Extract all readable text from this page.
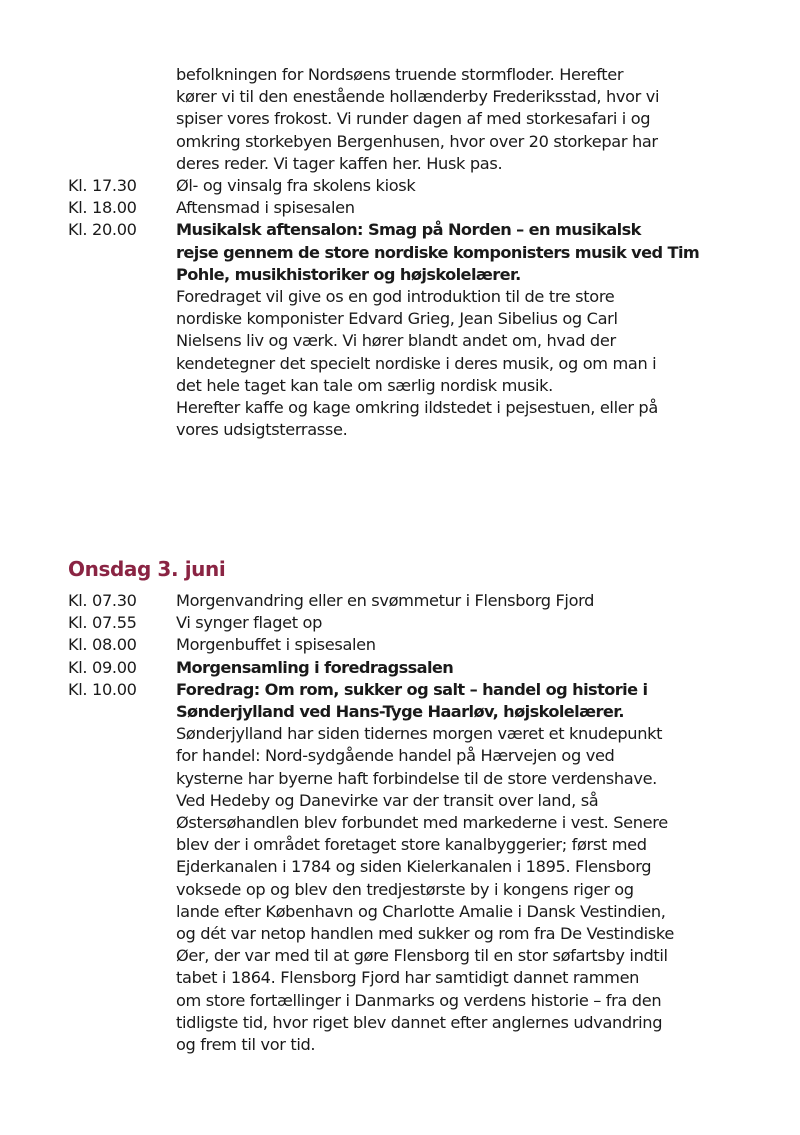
befolkningen for Nordsøens truende stormfloder. Herefter
kører vi til den enestående hollænderby Frederiksstad, hvor vi
spiser vores frokost. Vi runder dagen af med storkesafari i og
omkring storkebyen Bergenhusen, hvor over 20 storkepar har
deres reder. Vi tager kaffen her. Husk pas.
Kl. 17.30	Øl- og vinsalg fra skolens kiosk
Kl. 18.00	Aftensmad i spisesalen
Kl. 20.00	Musikalsk aftensalon: Smag på Norden – en musikalsk
rejse gennem de store nordiske komponisters musik ved Tim
Pohle, musikhistoriker og højskolelærer.
Foredraget vil give os en god introduktion til de tre store
nordiske komponister Edvard Grieg, Jean Sibelius og Carl
Nielsens liv og værk. Vi hører blandt andet om, hvad der
kendetegner det specielt nordiske i deres musik, og om man i
det hele taget kan tale om særlig nordisk musik.
Herefter kaffe og kage omkring ildstedet i pejsestuen, eller på
vores udsigtsterrasse.
Onsdag 3. juni
Kl. 07.30	Morgenvandring eller en svømmetur i Flensborg Fjord
Kl. 07.55	Vi synger flaget op
Kl. 08.00	Morgenbuffet i spisesalen
Kl. 09.00	Morgensamling i foredragssalen
Kl. 10.00	Foredrag: Om rom, sukker og salt – handel og historie i
Sønderjylland ved Hans-Tyge Haarløv, højskolelærer.
Sønderjylland har siden tidernes morgen været et knudepunkt
for handel: Nord-sydgående handel på Hærvejen og ved
kysterne har byerne haft forbindelse til de store verdenshave.
Ved Hedeby og Danevirke var der transit over land, så
Østersøhandlen blev forbundet med markederne i vest. Senere
blev der i området foretaget store kanalbyggerier; først med
Ejderkanalen i 1784 og siden Kielerkanalen i 1895. Flensborg
voksede op og blev den tredjestørste by i kongens riger og
lande efter København og Charlotte Amalie i Dansk Vestindien,
og dét var netop handlen med sukker og rom fra De Vestindiske
Øer, der var med til at gøre Flensborg til en stor søfartsby indtil
tabet i 1864. Flensborg Fjord har samtidigt dannet rammen
om store fortællinger i Danmarks og verdens historie – fra den
tidligste tid, hvor riget blev dannet efter anglernes udvandring
og frem til vor tid.
